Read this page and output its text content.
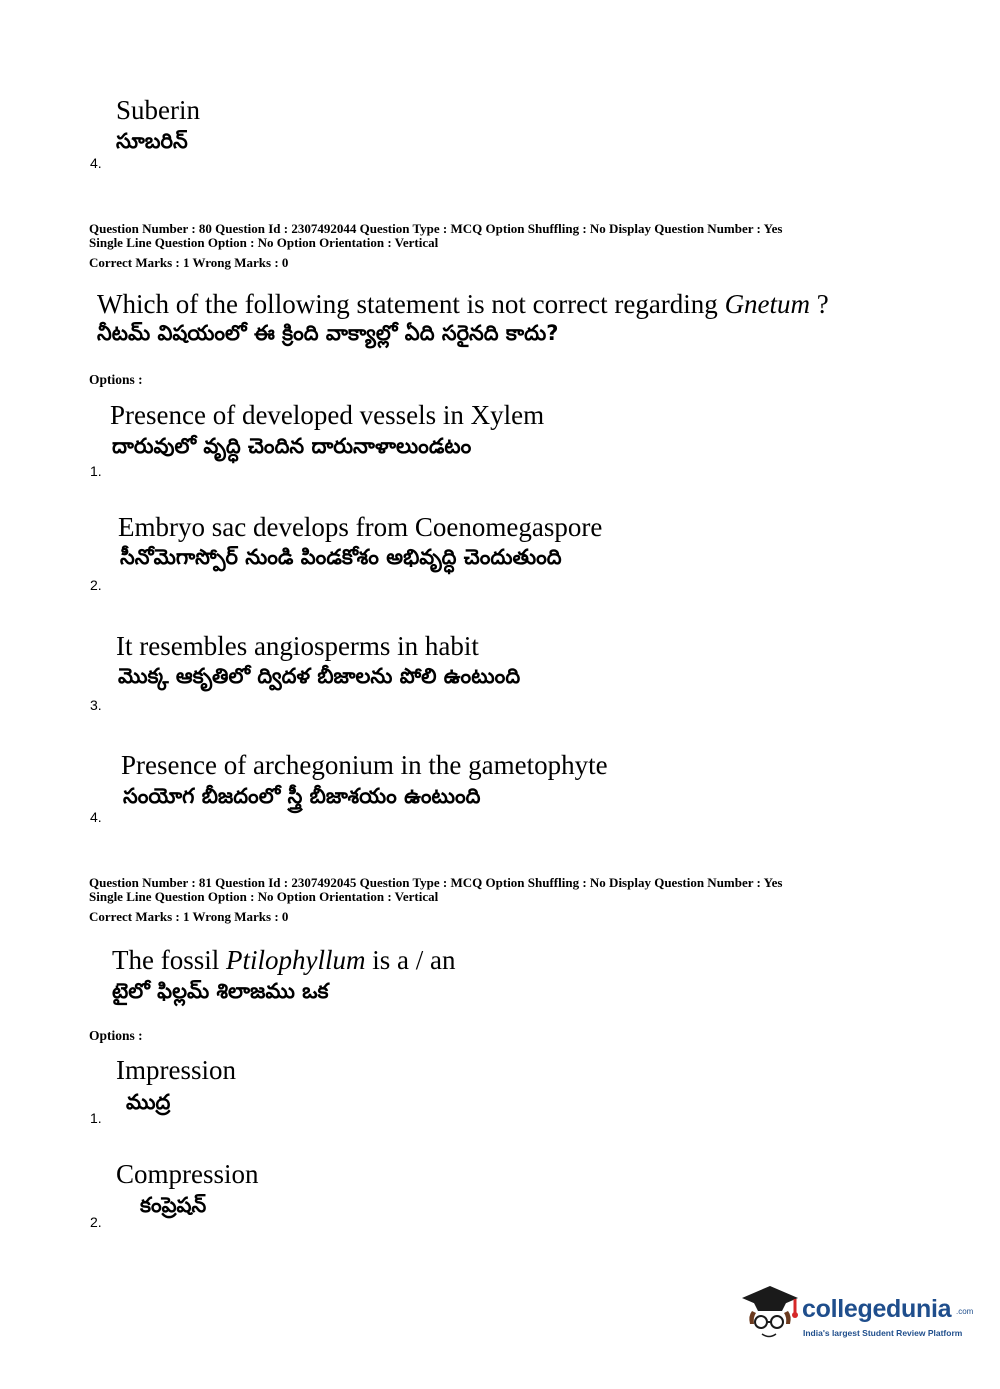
Suberin
సూబరిన్
4.
Question Number : 80 Question Id : 2307492044 Question Type : MCQ Option Shuffling : No Display Question Number : Yes
Single Line Question Option : No Option Orientation : Vertical
Correct Marks : 1 Wrong Marks : 0
Which of the following statement is not correct regarding Gnetum ?
నీటమ్ విషయంలో ఈ క్రింది వాక్యాల్లో ఏది సరైనది కాదు?
Options :
Presence of developed vessels in Xylem
దారువులో వృద్ధి చెందిన దారునాళాలుండటం
1.
Embryo sac develops from Coenomegaspore
సీనోమెగాస్పోర్ నుండి పిండకోశం అభివృద్ధి చెందుతుంది
2.
It resembles angiosperms in habit
మొక్క ఆకృతిలో ద్విదళ బీజాలను పోలి ఉంటుంది
3.
Presence of archegonium in the gametophyte
సంయోగ బీజదంలో స్త్రీ బీజాశయం ఉంటుంది
4.
Question Number : 81 Question Id : 2307492045 Question Type : MCQ Option Shuffling : No Display Question Number : Yes
Single Line Question Option : No Option Orientation : Vertical
Correct Marks : 1 Wrong Marks : 0
The fossil Ptilophyllum is a / an
టైలో ఫిల్లమ్ శిలాజము ఒక
Options :
Impression
ముద్ర
1.
Compression
కంప్రెషన్
2.
collegedunia .com
India's largest Student Review Platform
